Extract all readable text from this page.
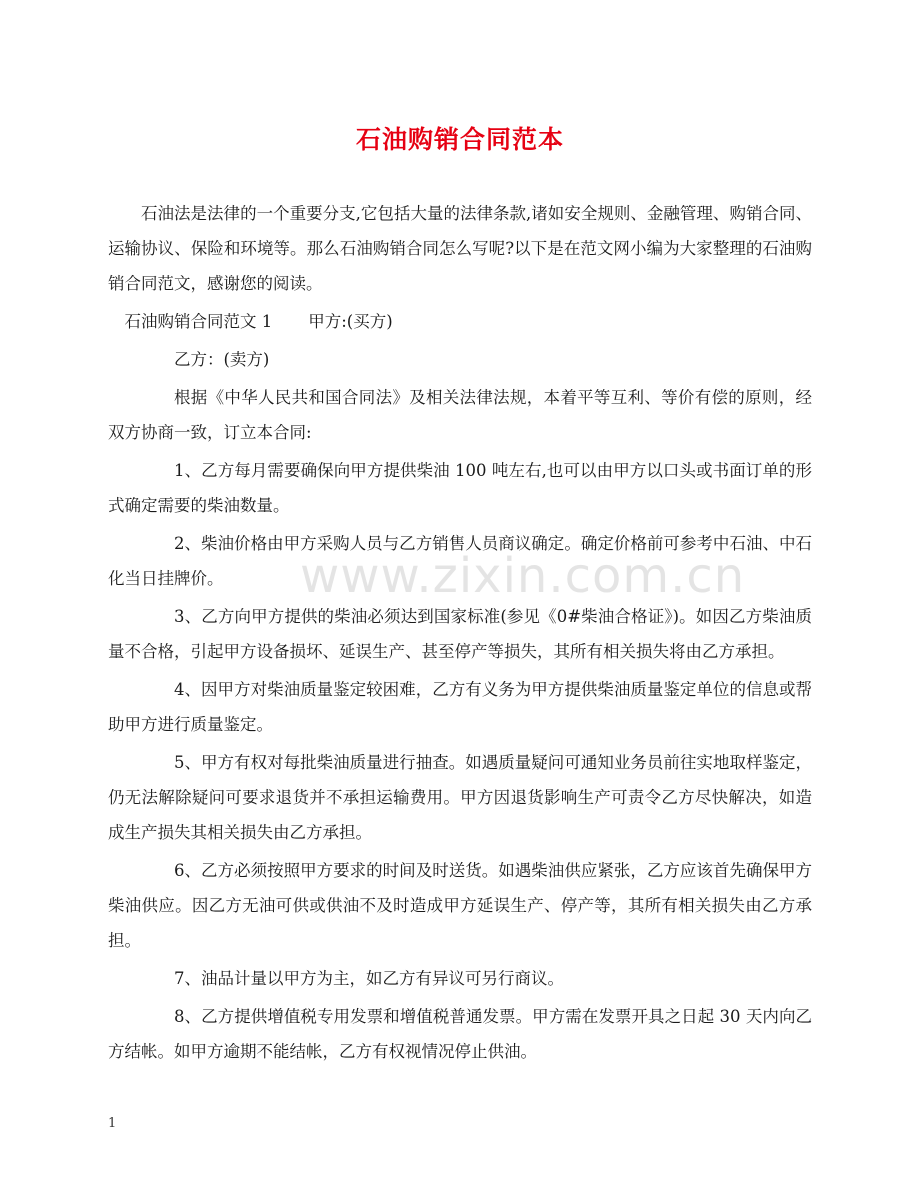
石油购销合同范本

石油法是法律的一个重要分支,它包括大量的法律条款,诸如安全规则、金融管理、购销合同、运输协议、保险和环境等。那么石油购销合同怎么写呢?以下是在范文网小编为大家整理的石油购销合同范文，感谢您的阅读。

石油购销合同范文 1 甲方:(买方)

乙方：(卖方)

根据《中华人民共和国合同法》及相关法律法规，本着平等互利、等价有偿的原则，经双方协商一致，订立本合同:

1、乙方每月需要确保向甲方提供柴油 100 吨左右,也可以由甲方以口头或书面订单的形式确定需要的柴油数量。

2、柴油价格由甲方采购人员与乙方销售人员商议确定。确定价格前可参考中石油、中石化当日挂牌价。

3、乙方向甲方提供的柴油必须达到国家标准(参见《0#柴油合格证》)。如因乙方柴油质量不合格，引起甲方设备损坏、延误生产、甚至停产等损失，其所有相关损失将由乙方承担。

4、因甲方对柴油质量鉴定较困难，乙方有义务为甲方提供柴油质量鉴定单位的信息或帮助甲方进行质量鉴定。

5、甲方有权对每批柴油质量进行抽查。如遇质量疑问可通知业务员前往实地取样鉴定，仍无法解除疑问可要求退货并不承担运输费用。甲方因退货影响生产可责令乙方尽快解决，如造成生产损失其相关损失由乙方承担。

6、乙方必须按照甲方要求的时间及时送货。如遇柴油供应紧张，乙方应该首先确保甲方柴油供应。因乙方无油可供或供油不及时造成甲方延误生产、停产等，其所有相关损失由乙方承担。

7、油品计量以甲方为主，如乙方有异议可另行商议。

8、乙方提供增值税专用发票和增值税普通发票。甲方需在发票开具之日起 30 天内向乙方结帐。如甲方逾期不能结帐，乙方有权视情况停止供油。

www.zixin.com.cn
1
